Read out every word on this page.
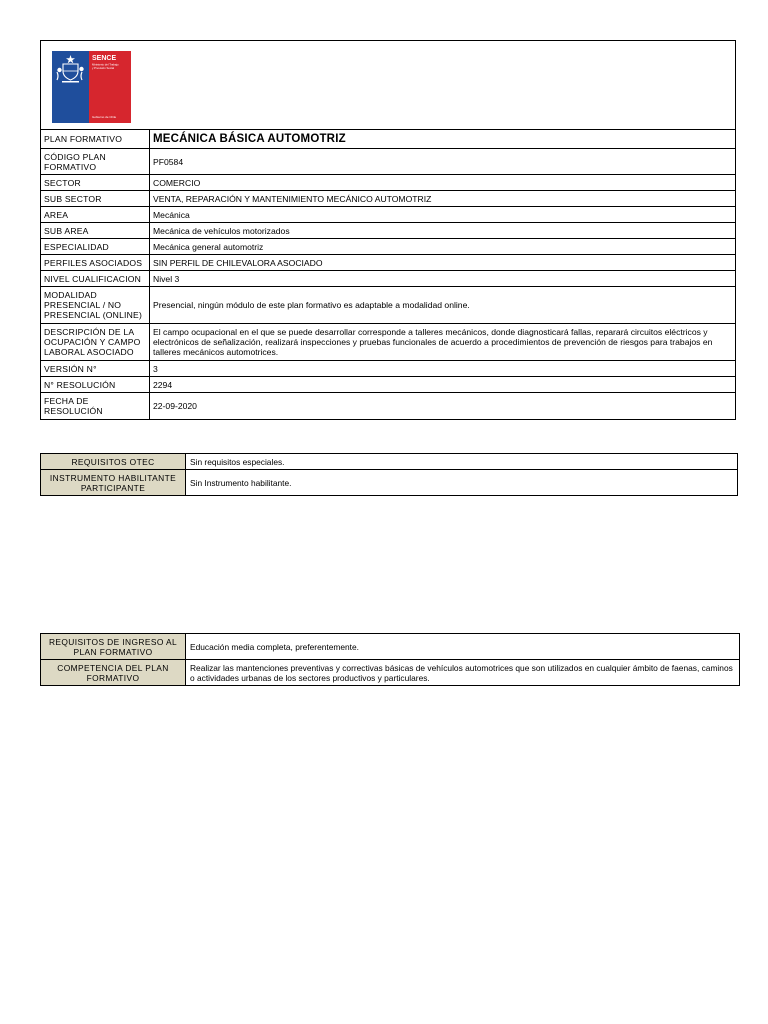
SENCE
Ministerio del Trabajo
y Previsión Social
Gobierno de Chile
PLAN FORMATIVO	MECÁNICA BÁSICA AUTOMOTRIZ
CÓDIGO PLAN FORMATIVO	PF0584
SECTOR	COMERCIO
SUB SECTOR	VENTA, REPARACIÓN Y MANTENIMIENTO MECÁNICO AUTOMOTRIZ
AREA	Mecánica
SUB AREA	Mecánica de vehículos motorizados
ESPECIALIDAD	Mecánica general automotriz
PERFILES ASOCIADOS	SIN PERFIL DE CHILEVALORA ASOCIADO
NIVEL CUALIFICACION	Nivel 3
MODALIDAD PRESENCIAL / NO PRESENCIAL (ONLINE)	Presencial, ningún módulo de este plan formativo es adaptable a modalidad online.
DESCRIPCIÓN DE LA OCUPACIÓN Y CAMPO LABORAL ASOCIADO	El campo ocupacional en el que se puede desarrollar corresponde a talleres mecánicos, donde diagnosticará fallas, reparará circuitos eléctricos y electrónicos de señalización, realizará inspecciones y pruebas funcionales de acuerdo a procedimientos de prevención de riesgos para trabajos en talleres mecánicos automotrices.
VERSIÓN N°	3
N° RESOLUCIÓN	2294
FECHA DE RESOLUCIÓN	22-09-2020
REQUISITOS OTEC	Sin requisitos especiales.
INSTRUMENTO HABILITANTE PARTICIPANTE	Sin Instrumento habilitante.
REQUISITOS DE INGRESO AL PLAN FORMATIVO	Educación media completa, preferentemente.
COMPETENCIA DEL PLAN FORMATIVO	Realizar las mantenciones preventivas y correctivas básicas de vehículos automotrices que son utilizados en cualquier ámbito de faenas, caminos o actividades urbanas de los sectores productivos y particulares.
